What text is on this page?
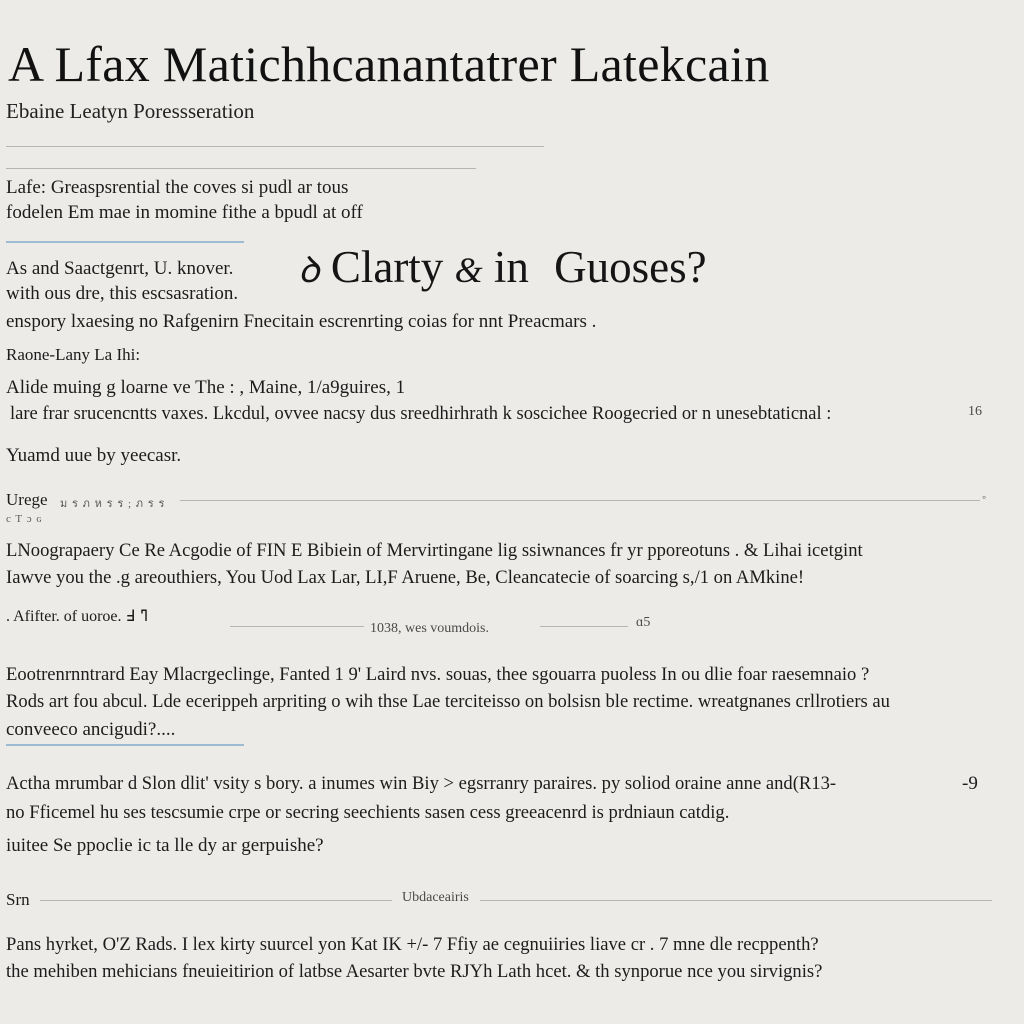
A Lfax Matichhcanantatrer Latekcain
Ebaine Leatyn Poressseration
Lafe: Greaspsrential the coves si pudl ar tous
fodelen Em mae in momine fithe a bpudl at off
As and Saactgenrt, U. knover.
with ous dre, this escsasration.
ꝺ Clarty & in Guoses?
enspory lxaesing no Rafgenirn Fnecitain escrenrting coias for nnt Preacmars .
Raone-Lany La Ihi:
Alide muing g loarne ve The : , Maine, 1/a9guires, 1
lare frar srucencntts vaxes. Lkcdul, ovvee nacsy dus sreedhirhrath k soscichee Roogecried or n unesebtaticnal :	16
Yuamd uue by yeecasr.
Urege ม ร ภ ห ร ร ; ภ ร ร	◦
c T ɔ ɢ
LNoograpaery Ce Re Acgodie of FIN E Bibiein of Mervirtingane lig ssiwnances fr yr pporeotuns . & Lihai icetgint
Iawve you the .g areouthiers, You Uod Lax Lar, LI,F Aruene, Be, Cleancatecie of soarcing s,/1 on AMkine!
. Afifter. of uoroe. ߣ ߃
1038, wes voumdois.	ɑ5
Eootrenrnntrard Eay Mlacrgeclinge, Fanted 1 9' Laird nvs. souas, thee sgouarra puoless In ou dlie foar raesemnaio ?
Rods art fou abcul. Lde ecerippeh arpriting o wih thse Lae terciteisso on bolsisn ble rectime. wreatgnanes crllrotiers au
conveeco ancigudi?....
Actha mrumbar d Slon dlit' vsity s bory. a inumes win Biy > egsrranry paraires. py soliod oraine anne and(R13-	-9
no Fficemel hu ses tescsumie crpe or secring seechients sasen cess greeacenrd is prdniaun catdig.
iuitee Se ppoclie ic ta lle dy ar gerpuishe?
Srn	Ubdaceairis
Pans hyrket, O'Z Rads. I lex kirty suurcel yon Kat IK +/- 7 Ffiy ae cegnuiiries liave cr . 7 mne dle recppenth?
the mehiben mehicians fneuieitirion of latbse Aesarter bvte RJYh Lath hcet. & th synporue nce you sirvignis?
